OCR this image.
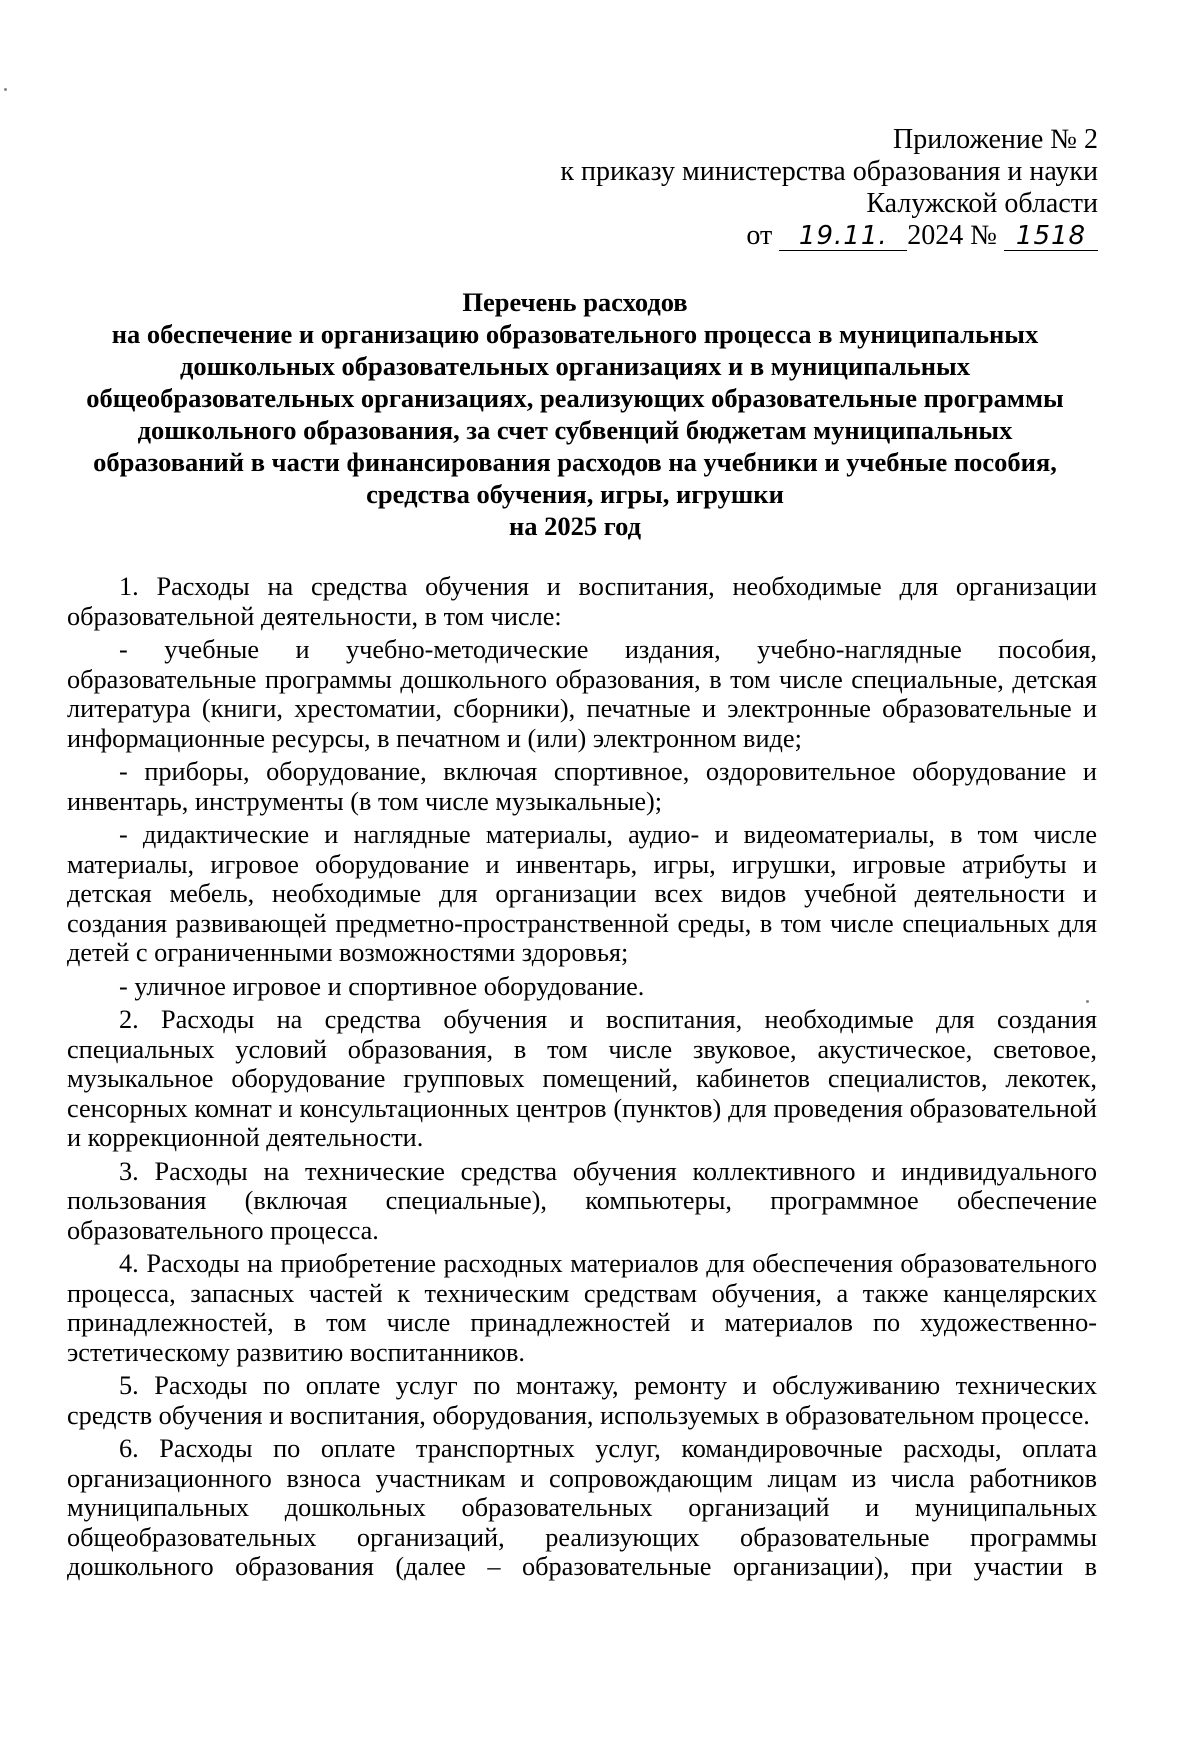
Приложение № 2
к приказу министерства образования и науки
Калужской области
от 19.11. 2024 № 1518
Перечень расходов
на обеспечение и организацию образовательного процесса в муниципальных
дошкольных образовательных организациях и в муниципальных
общеобразовательных организациях, реализующих образовательные программы
дошкольного образования, за счет субвенций бюджетам муниципальных
образований в части финансирования расходов на учебники и учебные пособия,
средства обучения, игры, игрушки
на 2025 год

1. Расходы на средства обучения и воспитания, необходимые для организации образовательной деятельности, в том числе:

- учебные и учебно-методические издания, учебно-наглядные пособия, образовательные программы дошкольного образования, в том числе специальные, детская литература (книги, хрестоматии, сборники), печатные и электронные образовательные и информационные ресурсы, в печатном и (или) электронном виде;

- приборы, оборудование, включая спортивное, оздоровительное оборудование и инвентарь, инструменты (в том числе музыкальные);

- дидактические и наглядные материалы, аудио- и видеоматериалы, в том числе материалы, игровое оборудование и инвентарь, игры, игрушки, игровые атрибуты и детская мебель, необходимые для организации всех видов учебной деятельности и создания развивающей предметно-пространственной среды, в том числе специальных для детей с ограниченными возможностями здоровья;

- уличное игровое и спортивное оборудование.

2. Расходы на средства обучения и воспитания, необходимые для создания специальных условий образования, в том числе звуковое, акустическое, световое, музыкальное оборудование групповых помещений, кабинетов специалистов, лекотек, сенсорных комнат и консультационных центров (пунктов) для проведения образовательной и коррекционной деятельности.

3. Расходы на технические средства обучения коллективного и индивидуального пользования (включая специальные), компьютеры, программное обеспечение образовательного процесса.

4. Расходы на приобретение расходных материалов для обеспечения образовательного процесса, запасных частей к техническим средствам обучения, а также канцелярских принадлежностей, в том числе принадлежностей и материалов по художественно-эстетическому развитию воспитанников.

5. Расходы по оплате услуг по монтажу, ремонту и обслуживанию технических средств обучения и воспитания, оборудования, используемых в образовательном процессе.

6. Расходы по оплате транспортных услуг, командировочные расходы, оплата организационного взноса участникам и сопровождающим лицам из числа работников муниципальных дошкольных образовательных организаций и муниципальных общеобразовательных организаций, реализующих образовательные программы дошкольного образования (далее – образовательные организации), при участии в
